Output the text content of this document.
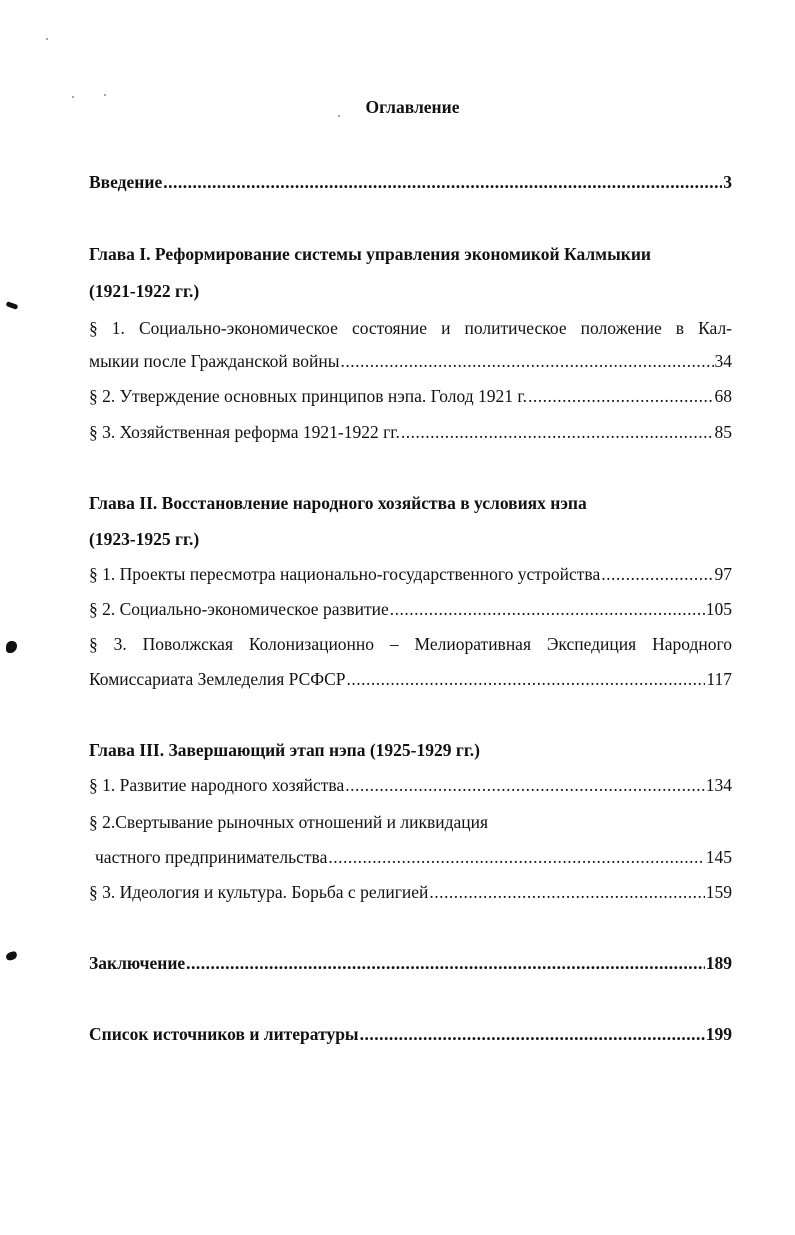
Оглавление
Введение .....	3
Глава I. Реформирование системы управления экономикой Калмыкии
(1921-1922 гг.)
§ 1. Социально-экономическое состояние и политическое положение в Кал-
мыкии после Гражданской войны .....	34
§ 2. Утверждение основных принципов нэпа. Голод 1921 г. .....	68
§ 3. Хозяйственная реформа 1921-1922 гг. .....	85
Глава II. Восстановление народного хозяйства в условиях нэпа
(1923-1925 гг.)
§ 1. Проекты пересмотра национально-государственного устройства .....	97
§ 2. Социально-экономическое развитие .....	105
§ 3. Поволжская Колонизационно – Мелиоративная Экспедиция Народного
Комиссариата Земледелия РСФСР .....	117
Глава III. Завершающий этап нэпа (1925-1929 гг.)
§ 1. Развитие народного хозяйства .....	134
§ 2.Свертывание рыночных отношений и ликвидация
частного предпринимательства .....	145
§ 3. Идеология и культура. Борьба с религией .....	159
Заключение .....	189
Список источников и литературы .....	199
